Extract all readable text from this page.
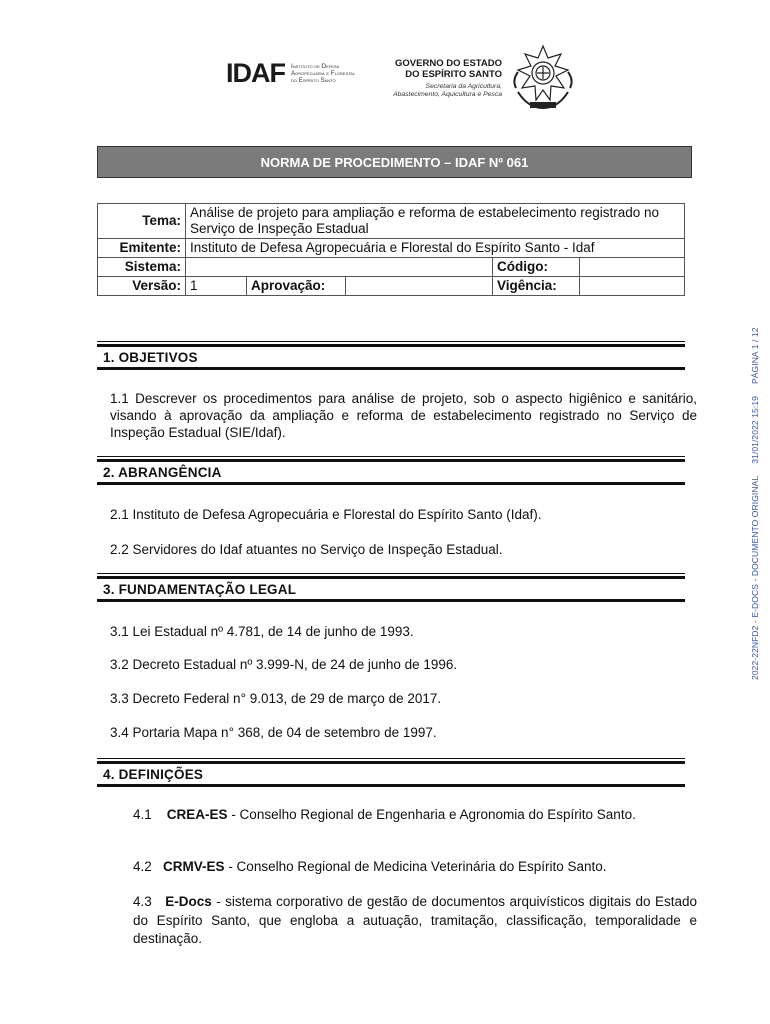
IDAF Instituto de Defesa
Agropecuária e Florestal
do Espírito Santo
GOVERNO DO ESTADO
DO ESPÍRITO SANTO
Secretaria da Agricultura,
Abastecimento, Aquicultura e Pesca
NORMA DE PROCEDIMENTO – IDAF Nº 061
Tema:	Análise de projeto para ampliação e reforma de estabelecimento registrado no Serviço de Inspeção Estadual				
Emitente:	Instituto de Defesa Agropecuária e Florestal do Espírito Santo - Idaf				
Sistema:				Código:	
Versão:	1	Aprovação:		Vigência:	
1. OBJETIVOS
1.1 Descrever os procedimentos para análise de projeto, sob o aspecto higiênico e sanitário, visando à aprovação da ampliação e reforma de estabelecimento registrado no Serviço de Inspeção Estadual (SIE/Idaf).
2. ABRANGÊNCIA
2.1 Instituto de Defesa Agropecuária e Florestal do Espírito Santo (Idaf).
2.2 Servidores do Idaf atuantes no Serviço de Inspeção Estadual.
3. FUNDAMENTAÇÃO LEGAL
3.1 Lei Estadual nº 4.781, de 14 de junho de 1993.
3.2 Decreto Estadual nº 3.999-N, de 24 de junho de 1996.
3.3 Decreto Federal n° 9.013, de 29 de março de 2017.
3.4 Portaria Mapa n° 368, de 04 de setembro de 1997.
4. DEFINIÇÕES
4.1 CREA-ES - Conselho Regional de Engenharia e Agronomia do Espírito Santo.
4.2 CRMV-ES - Conselho Regional de Medicina Veterinária do Espírito Santo.
4.3 E-Docs - sistema corporativo de gestão de documentos arquivísticos digitais do Estado do Espírito Santo, que engloba a autuação, tramitação, classificação, temporalidade e destinação.
2022-22NFD2 - E-DOCS - DOCUMENTO ORIGINAL31/01/2022 15:19PÁGINA 1 / 12
